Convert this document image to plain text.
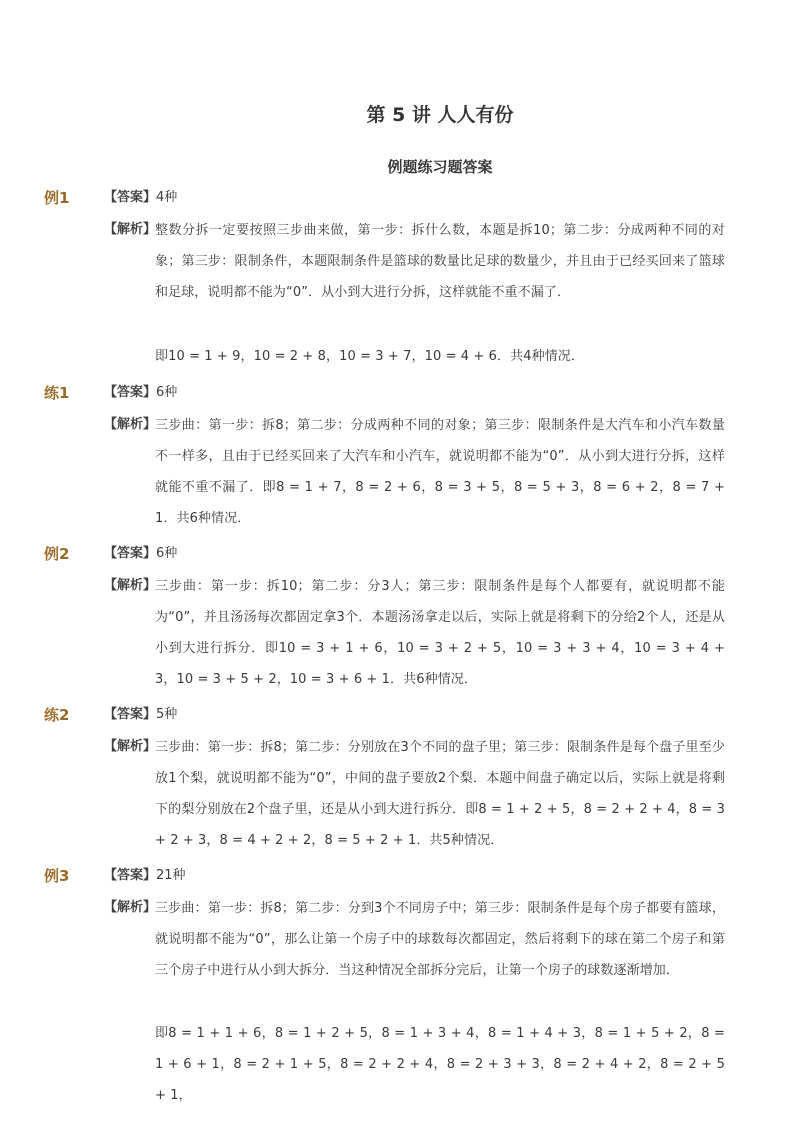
第 5 讲 人人有份
例题练习题答案
例1	【答案】4种
【解析】
整数分拆一定要按照三步曲来做，第一步：拆什么数，本题是拆10；第二步：分成两种不同的对象；第三步：限制条件，本题限制条件是篮球的数量比足球的数量少，并且由于已经买回来了篮球和足球，说明都不能为“0”．从小到大进行分拆，这样就能不重不漏了．
即10 = 1 + 9，10 = 2 + 8，10 = 3 + 7，10 = 4 + 6．共4种情况．
练1	【答案】6种
【解析】
三步曲：第一步：拆8；第二步：分成两种不同的对象；第三步：限制条件是大汽车和小汽车数量不一样多，且由于已经买回来了大汽车和小汽车，就说明都不能为“0”．从小到大进行分拆，这样就能不重不漏了．即8 = 1 + 7，8 = 2 + 6，8 = 3 + 5，8 = 5 + 3，8 = 6 + 2，8 = 7 + 1．共6种情况．
例2	【答案】6种
【解析】
三步曲：第一步：拆10；第二步：分3人；第三步：限制条件是每个人都要有，就说明都不能为“0”，并且汤汤每次都固定拿3个．本题汤汤拿走以后，实际上就是将剩下的分给2个人，还是从小到大进行拆分．即10 = 3 + 1 + 6，10 = 3 + 2 + 5，10 = 3 + 3 + 4，10 = 3 + 4 + 3，10 = 3 + 5 + 2，10 = 3 + 6 + 1．共6种情况．
练2	【答案】5种
【解析】
三步曲：第一步：拆8；第二步：分别放在3个不同的盘子里；第三步：限制条件是每个盘子里至少放1个梨，就说明都不能为“0”，中间的盘子要放2个梨．本题中间盘子确定以后，实际上就是将剩下的梨分别放在2个盘子里，还是从小到大进行拆分．即8 = 1 + 2 + 5，8 = 2 + 2 + 4，8 = 3 + 2 + 3，8 = 4 + 2 + 2，8 = 5 + 2 + 1．共5种情况．
例3	【答案】21种
【解析】
三步曲：第一步：拆8；第二步：分到3个不同房子中；第三步：限制条件是每个房子都要有篮球，就说明都不能为“0”，那么让第一个房子中的球数每次都固定，然后将剩下的球在第二个房子和第三个房子中进行从小到大拆分．当这种情况全部拆分完后，让第一个房子的球数逐渐增加．
即8 = 1 + 1 + 6，8 = 1 + 2 + 5，8 = 1 + 3 + 4，8 = 1 + 4 + 3，8 = 1 + 5 + 2，8 = 1 + 6 + 1，8 = 2 + 1 + 5，8 = 2 + 2 + 4，8 = 2 + 3 + 3，8 = 2 + 4 + 2，8 = 2 + 5 + 1，
